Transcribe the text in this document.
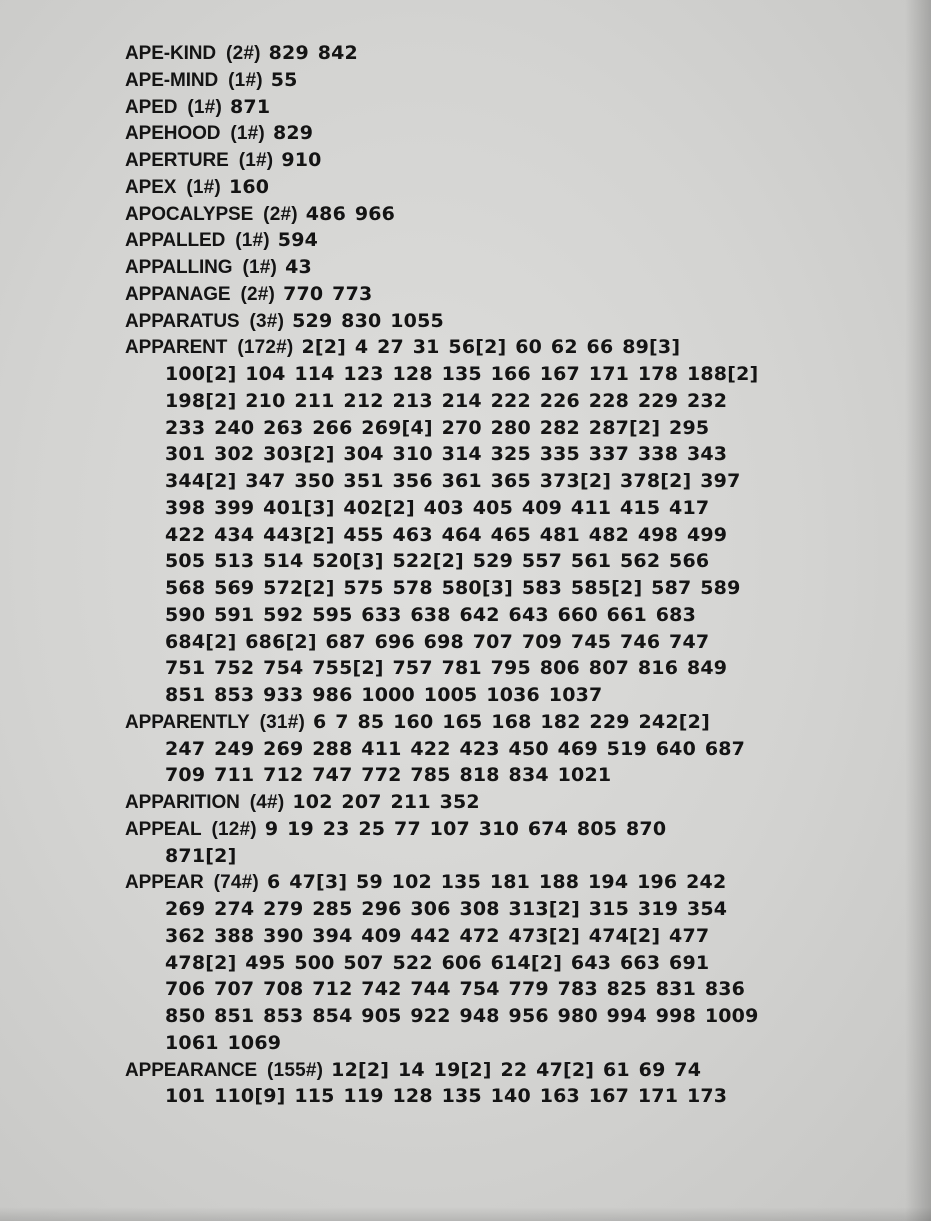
APE-KIND (2#) 829 842
APE-MIND (1#) 55
APED (1#) 871
APEHOOD (1#) 829
APERTURE (1#) 910
APEX (1#) 160
APOCALYPSE (2#) 486 966
APPALLED (1#) 594
APPALLING (1#) 43
APPANAGE (2#) 770 773
APPARATUS (3#) 529 830 1055
APPARENT (172#) 2[2] 4 27 31 56[2] 60 62 66 89[3]
100[2] 104 114 123 128 135 166 167 171 178 188[2]
198[2] 210 211 212 213 214 222 226 228 229 232
233 240 263 266 269[4] 270 280 282 287[2] 295
301 302 303[2] 304 310 314 325 335 337 338 343
344[2] 347 350 351 356 361 365 373[2] 378[2] 397
398 399 401[3] 402[2] 403 405 409 411 415 417
422 434 443[2] 455 463 464 465 481 482 498 499
505 513 514 520[3] 522[2] 529 557 561 562 566
568 569 572[2] 575 578 580[3] 583 585[2] 587 589
590 591 592 595 633 638 642 643 660 661 683
684[2] 686[2] 687 696 698 707 709 745 746 747
751 752 754 755[2] 757 781 795 806 807 816 849
851 853 933 986 1000 1005 1036 1037
APPARENTLY (31#) 6 7 85 160 165 168 182 229 242[2]
247 249 269 288 411 422 423 450 469 519 640 687
709 711 712 747 772 785 818 834 1021
APPARITION (4#) 102 207 211 352
APPEAL (12#) 9 19 23 25 77 107 310 674 805 870
871[2]
APPEAR (74#) 6 47[3] 59 102 135 181 188 194 196 242
269 274 279 285 296 306 308 313[2] 315 319 354
362 388 390 394 409 442 472 473[2] 474[2] 477
478[2] 495 500 507 522 606 614[2] 643 663 691
706 707 708 712 742 744 754 779 783 825 831 836
850 851 853 854 905 922 948 956 980 994 998 1009
1061 1069
APPEARANCE (155#) 12[2] 14 19[2] 22 47[2] 61 69 74
101 110[9] 115 119 128 135 140 163 167 171 173
